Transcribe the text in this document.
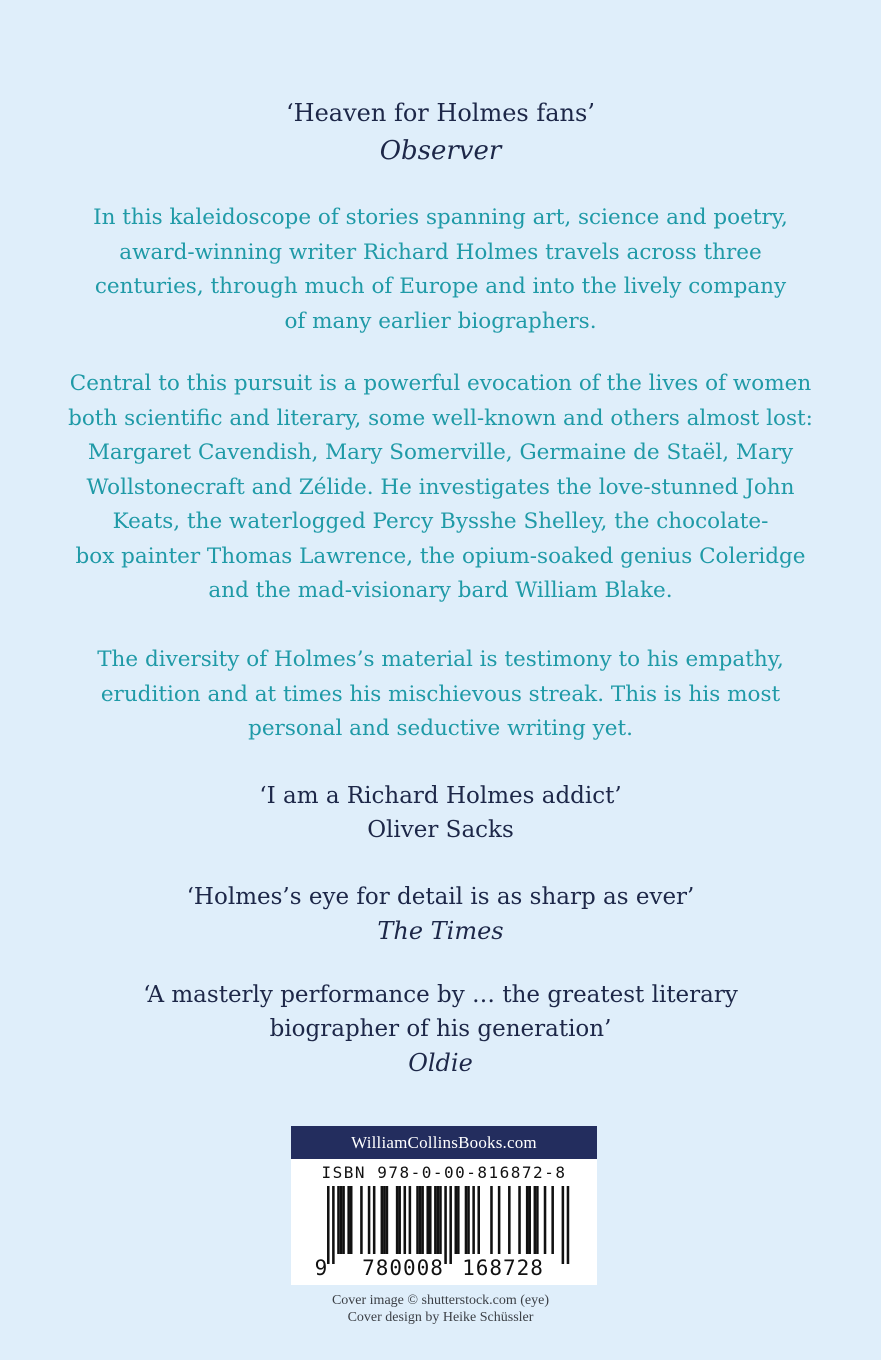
‘Heaven for Holmes fans’

Observer

In this kaleidoscope of stories spanning art, science and poetry,

award-winning writer Richard Holmes travels across three

centuries, through much of Europe and into the lively company

of many earlier biographers.

Central to this pursuit is a powerful evocation of the lives of women

both scientific and literary, some well-known and others almost lost:

Margaret Cavendish, Mary Somerville, Germaine de Staël, Mary

Wollstonecraft and Zélide. He investigates the love-stunned John

Keats, the waterlogged Percy Bysshe Shelley, the chocolate-

box painter Thomas Lawrence, the opium-soaked genius Coleridge

and the mad-visionary bard William Blake.

The diversity of Holmes’s material is testimony to his empathy,

erudition and at times his mischievous streak. This is his most

personal and seductive writing yet.

‘I am a Richard Holmes addict’

Oliver Sacks

‘Holmes’s eye for detail is as sharp as ever’

The Times

‘A masterly performance by … the greatest literary

biographer of his generation’

Oldie

WilliamCollinsBooks.com
ISBN 978-0-00-816872-8
9 780008 168728
Cover image © shutterstock.com (eye)
Cover design by Heike Schüssler
